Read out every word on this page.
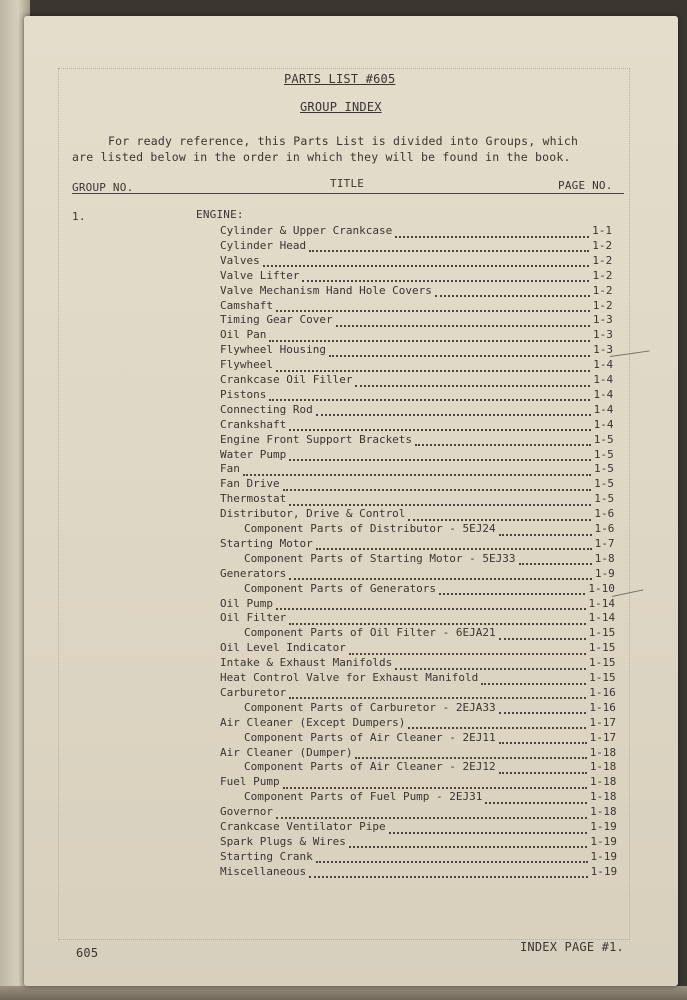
PARTS LIST #605
GROUP INDEX
For ready reference, this Parts List is divided into Groups, which
are listed below in the order in which they will be found in the book.
GROUP NO.	TITLE	PAGE NO.
1.	ENGINE:
Cylinder & Upper Crankcase	1-1
Cylinder Head	1-2
Valves	1-2
Valve Lifter	1-2
Valve Mechanism Hand Hole Covers	1-2
Camshaft	1-2
Timing Gear Cover	1-3
Oil Pan	1-3
Flywheel Housing	1-3
Flywheel	1-4
Crankcase Oil Filler	1-4
Pistons	1-4
Connecting Rod	1-4
Crankshaft	1-4
Engine Front Support Brackets	1-5
Water Pump	1-5
Fan	1-5
Fan Drive	1-5
Thermostat	1-5
Distributor, Drive & Control	1-6
Component Parts of Distributor - 5EJ24	1-6
Starting Motor	1-7
Component Parts of Starting Motor - 5EJ33	1-8
Generators	1-9
Component Parts of Generators	1-10
Oil Pump	1-14
Oil Filter	1-14
Component Parts of Oil Filter - 6EJA21	1-15
Oil Level Indicator	1-15
Intake & Exhaust Manifolds	1-15
Heat Control Valve for Exhaust Manifold	1-15
Carburetor	1-16
Component Parts of Carburetor - 2EJA33	1-16
Air Cleaner (Except Dumpers)	1-17
Component Parts of Air Cleaner - 2EJ11	1-17
Air Cleaner (Dumper)	1-18
Component Parts of Air Cleaner - 2EJ12	1-18
Fuel Pump	1-18
Component Parts of Fuel Pump - 2EJ31	1-18
Governor	1-18
Crankcase Ventilator Pipe	1-19
Spark Plugs & Wires	1-19
Starting Crank	1-19
Miscellaneous	1-19
605	INDEX PAGE #1.
